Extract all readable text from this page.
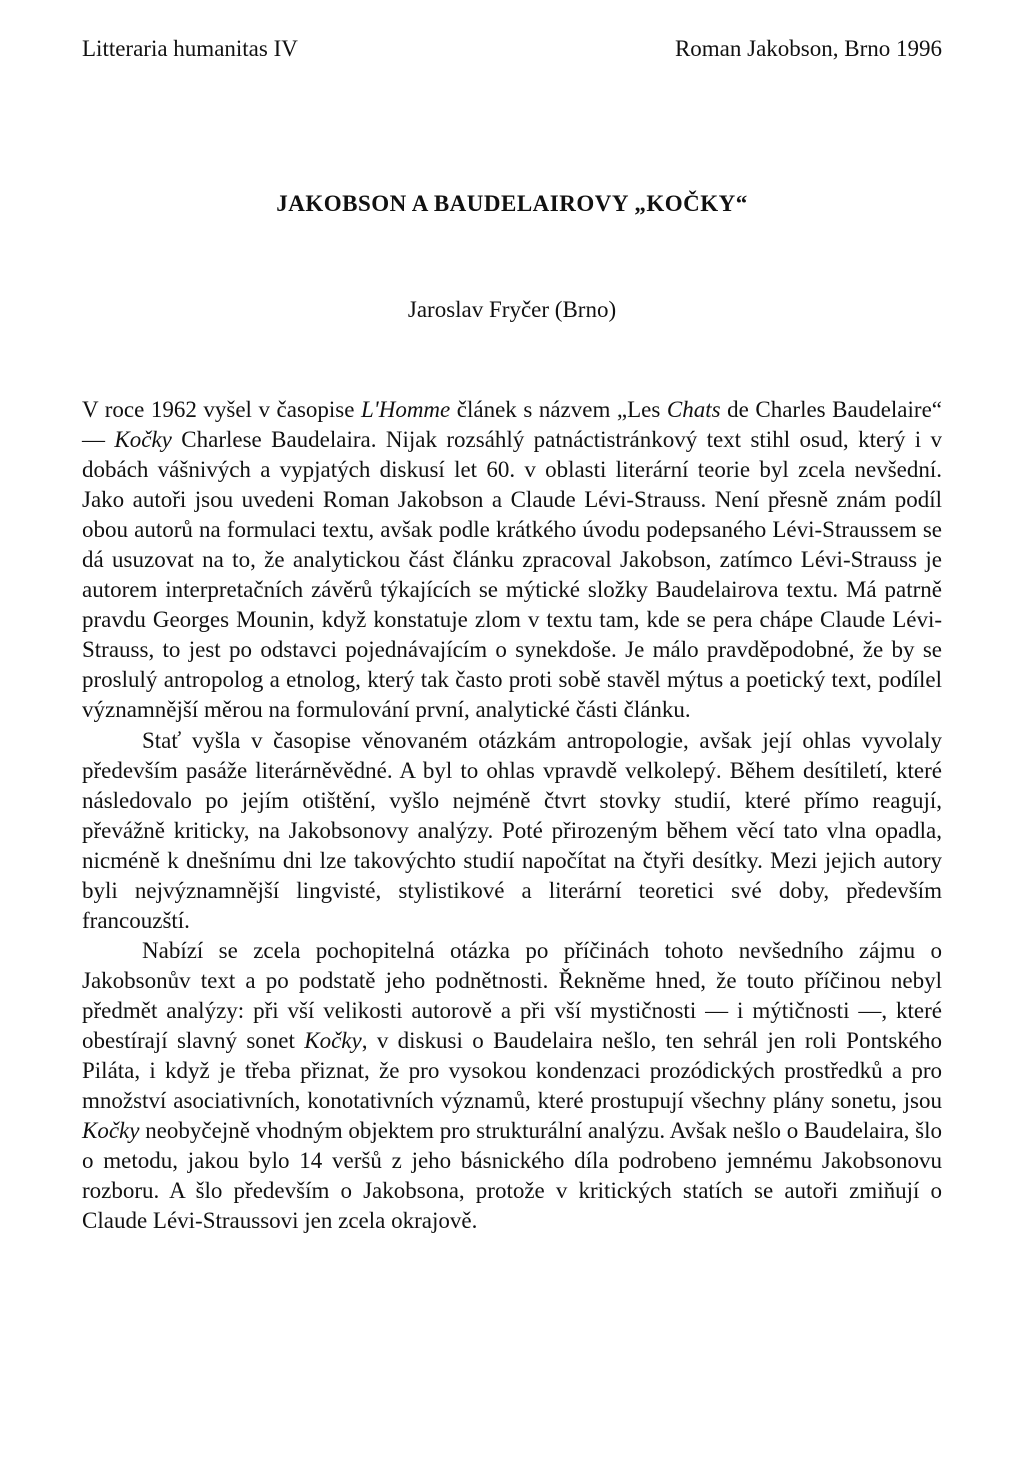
Litteraria humanitas IV	Roman Jakobson, Brno 1996
JAKOBSON A BAUDELAIROVY „KOČKY“
Jaroslav Fryčer (Brno)

V roce 1962 vyšel v časopise L'Homme článek s názvem „Les Chats de Charles Baudelaire“ — Kočky Charlese Baudelaira. Nijak rozsáhlý patnáctistránkový text stihl osud, který i v dobách vášnivých a vypjatých diskusí let 60. v oblasti literární teorie byl zcela nevšední. Jako autoři jsou uvedeni Roman Jakobson a Claude Lévi-Strauss. Není přesně znám podíl obou autorů na formulaci textu, avšak podle krátkého úvodu podepsaného Lévi-Straussem se dá usuzovat na to, že analytickou část článku zpracoval Jakobson, zatímco Lévi-Strauss je autorem interpretačních závěrů týkajících se mýtické složky Baudelairova textu. Má patrně pravdu Georges Mounin, když konstatuje zlom v textu tam, kde se pera chápe Claude Lévi-Strauss, to jest po odstavci pojednávajícím o synekdoše. Je málo pravděpodobné, že by se proslulý antropolog a etnolog, který tak často proti sobě stavěl mýtus a poetický text, podílel významnější měrou na formulování první, analytické části článku.

Stať vyšla v časopise věnovaném otázkám antropologie, avšak její ohlas vyvolaly především pasáže literárněvědné. A byl to ohlas vpravdě velkolepý. Během desítiletí, které následovalo po jejím otištění, vyšlo nejméně čtvrt stovky studií, které přímo reagují, převážně kriticky, na Jakobsonovy analýzy. Poté přirozeným během věcí tato vlna opadla, nicméně k dnešnímu dni lze takovýchto studií napočítat na čtyři desítky. Mezi jejich autory byli nejvýznamnější lingvisté, stylistikové a literární teoretici své doby, především francouzští.

Nabízí se zcela pochopitelná otázka po příčinách tohoto nevšedního zájmu o Jakobsonův text a po podstatě jeho podnětnosti. Řekněme hned, že touto příčinou nebyl předmět analýzy: při vší velikosti autorově a při vší mystičnosti — i mýtičnosti —, které obestírají slavný sonet Kočky, v diskusi o Baudelaira nešlo, ten sehrál jen roli Pontského Piláta, i když je třeba přiznat, že pro vysokou kondenzaci prozódických prostředků a pro množství asociativních, konotativních významů, které prostupují všechny plány sonetu, jsou Kočky neobyčejně vhodným objektem pro strukturální analýzu. Avšak nešlo o Baudelaira, šlo o metodu, jakou bylo 14 veršů z jeho básnického díla podrobeno jemnému Jakobsonovu rozboru. A šlo především o Jakobsona, protože v kritických statích se autoři zmiňují o Claude Lévi-Straussovi jen zcela okrajově.
